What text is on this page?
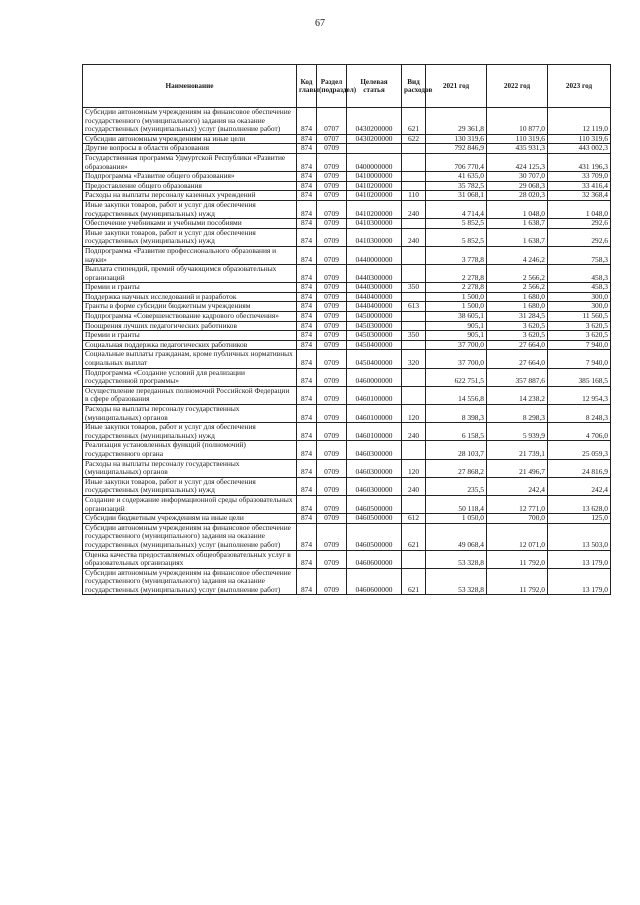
67
Наименование	Код главы	Раздел (подраздел)	Целевая статья	Вид расходов	2021 год	2022 год	2023 год
Субсидии автономным учреждениям на финансовое обеспечение государственного (муниципального) задания на оказание государственных (муниципальных) услуг (выполнение работ)	874	0707	0430200000	621	29 361,8	10 877,0	12 119,0
Субсидии автономным учреждениям на иные цели	874	0707	0430200000	622	130 319,6	110 319,6	110 319,6
Другие вопросы в области образования	874	0709			792 846,9	435 931,3	443 002,3
Государственная программа Удмуртской Республики «Развитие образования»	874	0709	0400000000		706 770,4	424 125,3	431 196,3
Подпрограмма «Развитие общего образования»	874	0709	0410000000		41 635,0	30 707,0	33 709,0
Предоставление общего образования	874	0709	0410200000		35 782,5	29 068,3	33 416,4
Расходы на выплаты персоналу казенных учреждений	874	0709	0410200000	110	31 068,1	28 020,3	32 368,4
Иные закупки товаров, работ и услуг для обеспечения государственных (муниципальных) нужд	874	0709	0410200000	240	4 714,4	1 048,0	1 048,0
Обеспечение учебниками и учебными пособиями	874	0709	0410300000		5 852,5	1 638,7	292,6
Иные закупки товаров, работ и услуг для обеспечения государственных (муниципальных) нужд	874	0709	0410300000	240	5 852,5	1 638,7	292,6
Подпрограмма «Развитие профессионального образования и науки»	874	0709	0440000000		3 778,8	4 246,2	758,3
Выплата стипендий, премий обучающимся образовательных организаций	874	0709	0440300000		2 278,8	2 566,2	458,3
Премии и гранты	874	0709	0440300000	350	2 278,8	2 566,2	458,3
Поддержка научных исследований и разработок	874	0709	0440400000		1 500,0	1 680,0	300,0
Гранты в форме субсидии бюджетным учреждениям	874	0709	0440400000	613	1 500,0	1 680,0	300,0
Подпрограмма «Совершенствование кадрового обеспечения»	874	0709	0450000000		38 605,1	31 284,5	11 560,5
Поощрения лучших педагогических работников	874	0709	0450300000		905,1	3 620,5	3 620,5
Премии и гранты	874	0709	0450300000	350	905,1	3 620,5	3 620,5
Социальная поддержка педагогических работников	874	0709	0450400000		37 700,0	27 664,0	7 940,0
Социальные выплаты гражданам, кроме публичных нормативных социальных выплат	874	0709	0450400000	320	37 700,0	27 664,0	7 940,0
Подпрограмма «Создание условий для реализации государственной программы»	874	0709	0460000000		622 751,5	357 887,6	385 168,5
Осуществление переданных полномочий Российской Федерации в сфере образования	874	0709	0460100000		14 556,8	14 238,2	12 954,3
Расходы на выплаты персоналу государственных (муниципальных) органов	874	0709	0460100000	120	8 398,3	8 298,3	8 248,3
Иные закупки товаров, работ и услуг для обеспечения государственных (муниципальных) нужд	874	0709	0460100000	240	6 158,5	5 939,9	4 706,0
Реализация установленных функций (полномочий) государственного органа	874	0709	0460300000		28 103,7	21 739,1	25 059,3
Расходы на выплаты персоналу государственных (муниципальных) органов	874	0709	0460300000	120	27 868,2	21 496,7	24 816,9
Иные закупки товаров, работ и услуг для обеспечения государственных (муниципальных) нужд	874	0709	0460300000	240	235,5	242,4	242,4
Создание и содержание информационной среды образовательных организаций	874	0709	0460500000		50 118,4	12 771,0	13 628,0
Субсидии бюджетным учреждениям на иные цели	874	0709	0460500000	612	1 050,0	700,0	125,0
Субсидии автономным учреждениям на финансовое обеспечение государственного (муниципального) задания на оказание государственных (муниципальных) услуг (выполнение работ)	874	0709	0460500000	621	49 068,4	12 071,0	13 503,0
Оценка качества предоставляемых общеобразовательных услуг в образовательных организациях	874	0709	0460600000		53 328,8	11 792,0	13 179,0
Субсидии автономным учреждениям на финансовое обеспечение государственного (муниципального) задания на оказание государственных (муниципальных) услуг (выполнение работ)	874	0709	0460600000	621	53 328,8	11 792,0	13 179,0
